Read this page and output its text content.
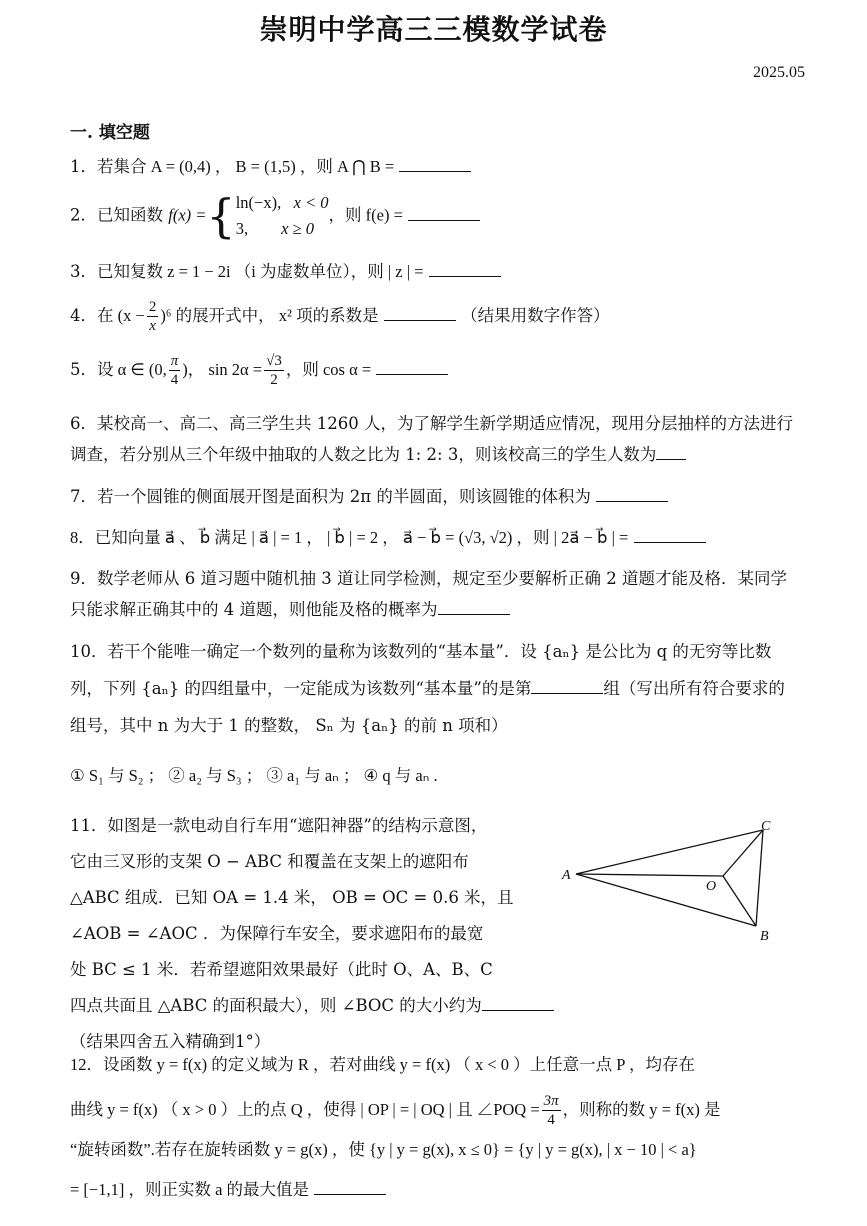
崇明中学高三三模数学试卷
2025.05
一. 填空题
1．若集合 A = (0,4) ， B = (1,5) ，则 A ⋂ B =
2．已知函数 f(x) ={ ln(−x), x < 0
3, x ≥ 0
，则 f(e) =
3．已知复数 z = 1 − 2i （i 为虚数单位），则 | z | =
4．在 $(x - \frac{2}{x} )^6$ 的展开式中， x² 项的系数是	（结果用数字作答）
5．设 α ∈ (0, $\frac{\pi}{4}$ )， $\sin 2\alpha = \frac{√3}{2}$ ，则 cos α =
6．某校高一、高二、高三学生共 1260 人，为了解学生新学期适应情况，现用分层抽样的方法进行调查，若分别从三个年级中抽取的人数之比为 1: 2: 3，则该校高三的学生人数为
7．若一个圆锥的侧面展开图是面积为 2π 的半圆面，则该圆锥的体积为
8．已知向量 a⃗ 、 b⃗ 满足 | a⃗ | = 1 ， | b⃗ | = 2 ， a⃗ − b⃗ = (√3, √2) ，则 | 2a⃗ − b⃗ | =
9．数学老师从 6 道习题中随机抽 3 道让同学检测，规定至少要解析正确 2 道题才能及格．某同学只能求解正确其中的 4 道题，则他能及格的概率为
10．若干个能唯一确定一个数列的量称为该数列的“基本量”．设 {aₙ} 是公比为 q 的无穷等比数列，下列 {aₙ} 的四组量中，一定能成为该数列“基本量”的是第	组（写出所有符合要求的组号，其中 n 为大于 1 的整数， Sₙ 为 {aₙ} 的前 n 项和）
① S₁ 与 S₂ ； ② a₂ 与 S₃ ； ③ a₁ 与 aₙ ； ④ q 与 aₙ .
11．如图是一款电动自行车用“遮阳神器”的结构示意图，
它由三叉形的支架 O − ABC 和覆盖在支架上的遮阳布
△ABC 组成．已知 OA = 1.4 米， OB = OC = 0.6 米，且
∠AOB = ∠AOC ．为保障行车安全，要求遮阳布的最宽
处 BC ≤ 1 米．若希望遮阳效果最好（此时 O、A、B、C
四点共面且 △ABC 的面积最大），则 ∠BOC 的大小约为
（结果四舍五入精确到1°）
A
B
C
O
12．设函数 y = f(x) 的定义域为 R ，若对曲线 y = f(x) （ x < 0 ）上任意一点 P ，均存在
曲线 y = f(x) （ x > 0 ）上的点 Q ，使得 | OP | = | OQ | 且 ∠POQ = $\frac{3\pi}{4}$ ，则称的数 y = f(x) 是
“旋转函数”.若存在旋转函数 y = g(x) ，使 {y | y = g(x), x ≤ 0} = {y | y = g(x), | x − 10 | < a}
= [−1,1] ，则正实数 a 的最大值是
